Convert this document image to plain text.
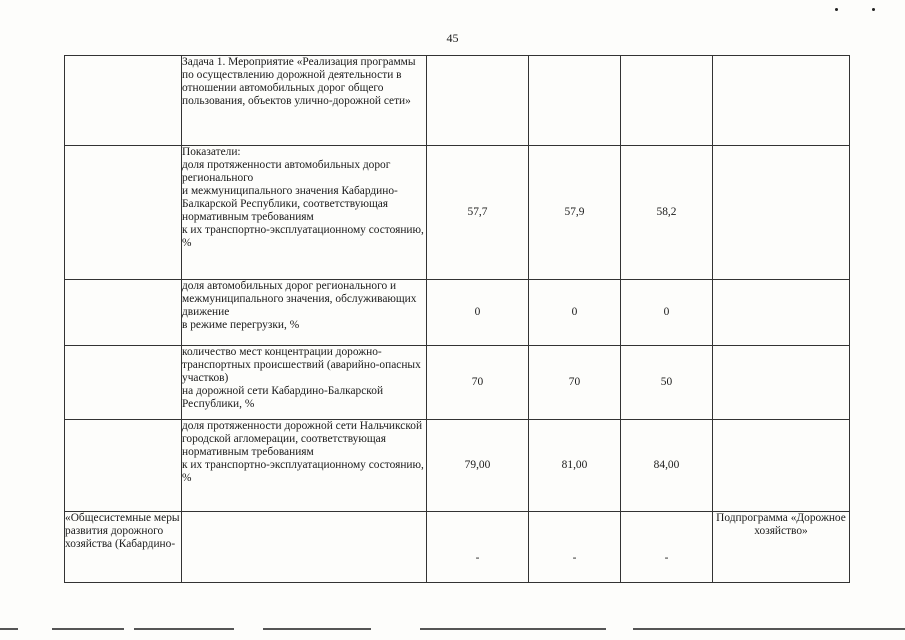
45
	Задача 1. Мероприятие «Реализация программы по осуществлению дорожной деятельности в отношении автомобильных дорог общего пользования, объектов улично-дорожной сети»				
	Показатели:
доля протяженности автомобильных дорог регионального
и межмуниципального значения Кабардино-Балкарской Республики, соответствующая нормативным требованиям
к их транспортно-эксплуатационному состоянию, %	57,7	57,9	58,2	
	доля автомобильных дорог регионального и межмуниципального значения, обслуживающих движение
в режиме перегрузки, %	0	0	0	
	количество мест концентрации дорожно-транспортных происшествий (аварийно-опасных участков)
на дорожной сети Кабардино-Балкарской Республики, %	70	70	50	
	доля протяженности дорожной сети Нальчикской городской агломерации, соответствующая нормативным требованиям
к их транспортно-эксплуатационному состоянию, %	79,00	81,00	84,00	
«Общесистемные меры развития дорожного хозяйства (Кабардино-		-	-	-	Подпрограмма «Дорожное хозяйство»
